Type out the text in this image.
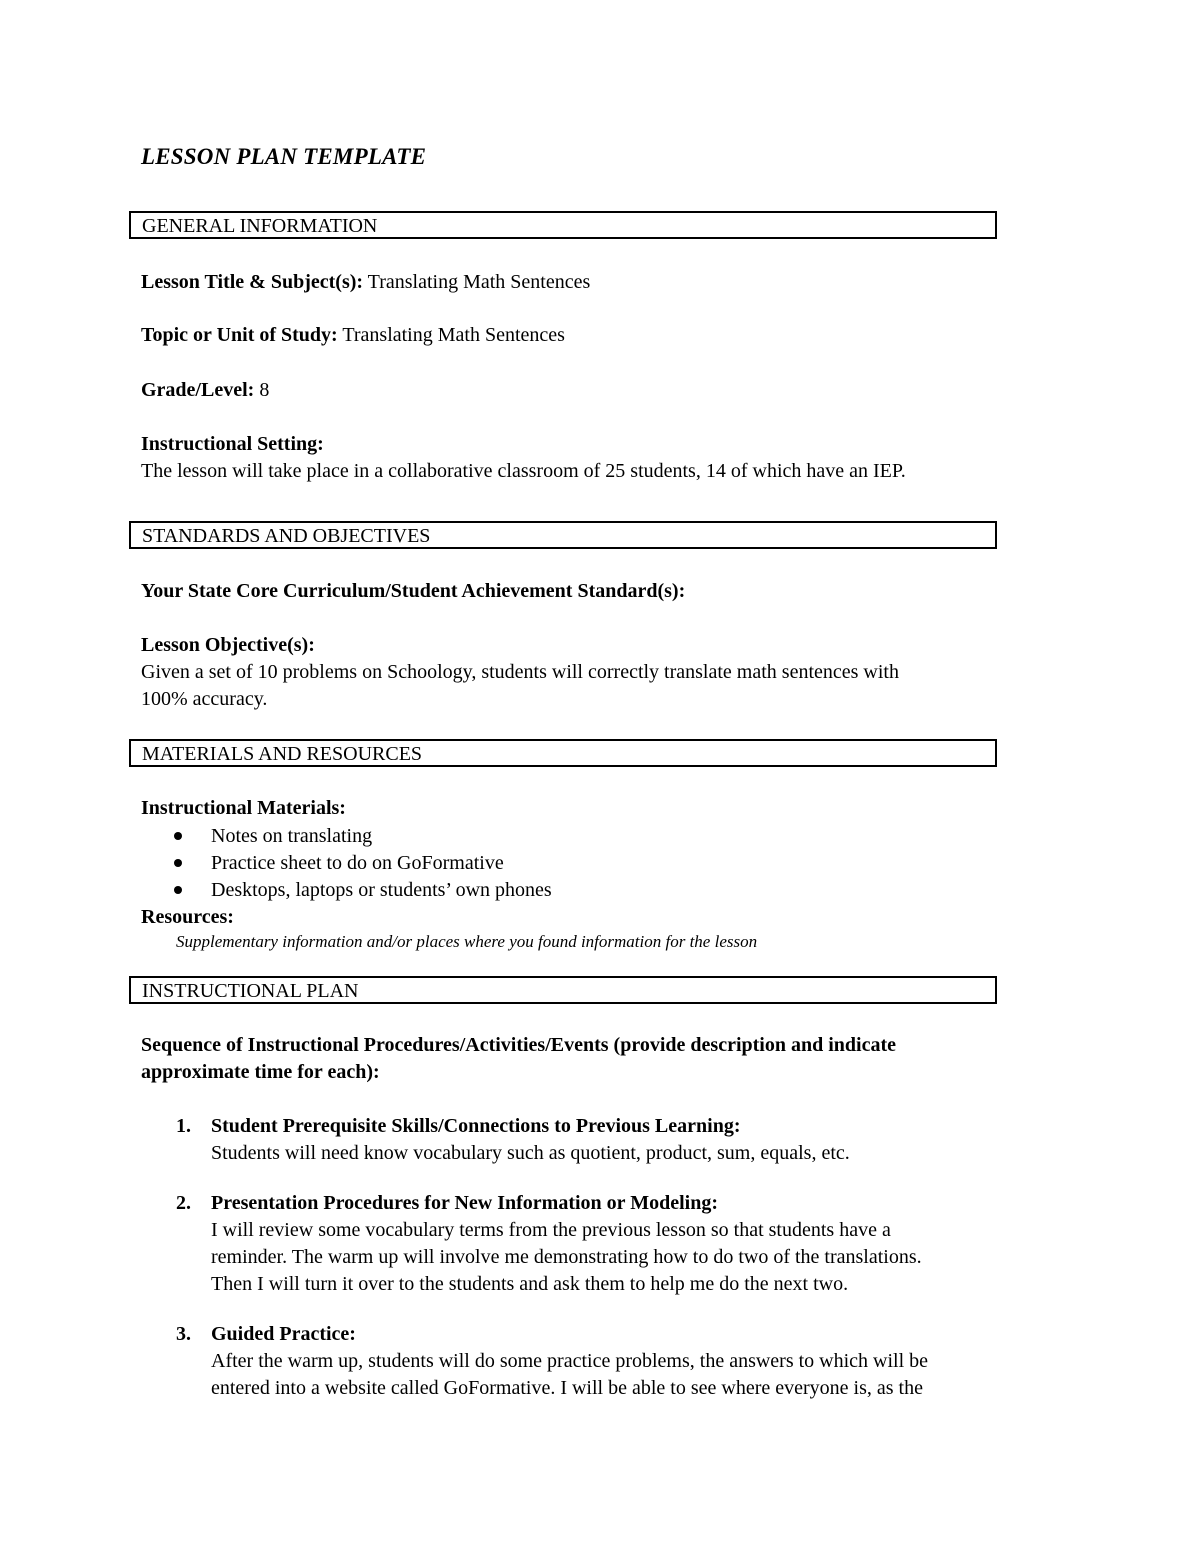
LESSON PLAN TEMPLATE
GENERAL INFORMATION
Lesson Title & Subject(s): Translating Math Sentences
Topic or Unit of Study: Translating Math Sentences
Grade/Level: 8
Instructional Setting:
The lesson will take place in a collaborative classroom of 25 students, 14 of which have an IEP.
STANDARDS AND OBJECTIVES
Your State Core Curriculum/Student Achievement Standard(s):
Lesson Objective(s):
Given a set of 10 problems on Schoology, students will correctly translate math sentences with
100% accuracy.
MATERIALS AND RESOURCES
Instructional Materials:
Notes on translating
Practice sheet to do on GoFormative
Desktops, laptops or students’ own phones
Resources:
Supplementary information and/or places where you found information for the lesson
INSTRUCTIONAL PLAN
Sequence of Instructional Procedures/Activities/Events (provide description and indicate
approximate time for each):
1. Student Prerequisite Skills/Connections to Previous Learning:
Students will need know vocabulary such as quotient, product, sum, equals, etc.
2. Presentation Procedures for New Information or Modeling:
I will review some vocabulary terms from the previous lesson so that students have a
reminder. The warm up will involve me demonstrating how to do two of the translations.
Then I will turn it over to the students and ask them to help me do the next two.
3. Guided Practice:
After the warm up, students will do some practice problems, the answers to which will be
entered into a website called GoFormative. I will be able to see where everyone is, as the
